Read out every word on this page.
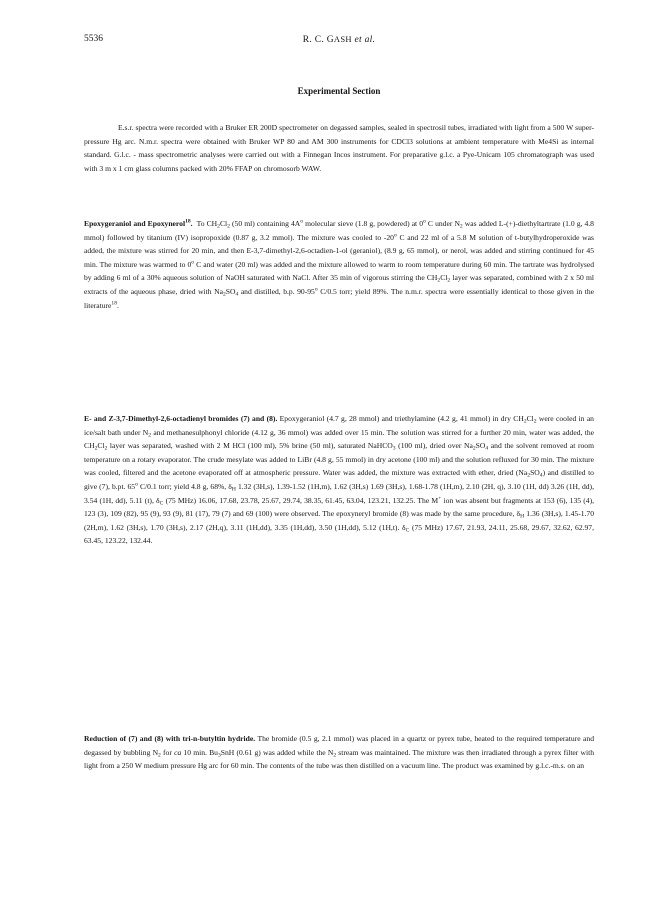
5536	R. C. GASH et al.
Experimental Section

E.s.r. spectra were recorded with a Bruker ER 200D spectrometer on degassed samples, sealed in spectrosil tubes, irradiated with light from a 500 W super-pressure Hg arc. N.m.r. spectra were obtained with Bruker WP 80 and AM 300 instruments for CDCl3 solutions at ambient temperature with Me4Si as internal standard. G.l.c. - mass spectrometric analyses were carried out with a Finnegan Incos instrument. For preparative g.l.c. a Pye-Unicam 105 chromatograph was used with 3 m x 1 cm glass columns packed with 20% FFAP on chromosorb WAW.

Epoxygeraniol and Epoxynerol$^{18}$. To $CH_2Cl_2$ (50 ml) containing $4A^o$ molecular sieve (1.8 g, powdered) at 0$^o$ C under $N_2$ was added L-(+)-diethyltartrate (1.0 g, 4.8 mmol) followed by titanium (IV) isopropoxide (0.87 g, 3.2 mmol). The mixture was cooled to -20$^o$ C and 22 ml of a 5.8 M solution of t-butylhydroperoxide was added, the mixture was stirred for 20 min, and then E-3,7-dimethyl-2,6-octadien-1-ol (geraniol), (8.9 g, 65 mmol), or nerol, was added and stirring continued for 45 min. The mixture was warmed to 0$^o$ C and water (20 ml) was added and the mixture allowed to warm to room temperature during 60 min. The tartrate was hydrolysed by adding 6 ml of a 30% aqueous solution of NaOH saturated with NaCl. After 35 min of vigorous stirring the $CH_2Cl_2$ layer was separated, combined with 2 x 50 ml extracts of the aqueous phase, dried with $Na_2SO_4$ and distilled, b.p. 90-95$^o$ C/0.5 torr; yield 89%. The n.m.r. spectra were essentially identical to those given in the literature$^{18}$.

E- and Z-3,7-Dimethyl-2,6-octadienyl bromides (7) and (8). Epoxygeraniol (4.7 g, 28 mmol) and triethylamine (4.2 g, 41 mmol) in dry $CH_2Cl_2$ were cooled in an ice/salt bath under $N_2$ and methanesulphonyl chloride (4.12 g, 36 mmol) was added over 15 min. The solution was stirred for a further 20 min, water was added, the $CH_2Cl_2$ layer was separated, washed with 2 M HCl (100 ml), 5% brine (50 ml), saturated NaHCO$_3$ (100 ml), dried over $Na_2SO_4$ and the solvent removed at room temperature on a rotary evaporator. The crude mesylate was added to LiBr (4.8 g, 55 mmol) in dry acetone (100 ml) and the solution refluxed for 30 min. The mixture was cooled, filtered and the acetone evaporated off at atmospheric pressure. Water was added, the mixture was extracted with ether, dried $(Na_2SO_4)$ and distilled to give (7), b.pt. 65$^o$ C/0.1 torr; yield 4.8 g, 68%, $\delta_H$ 1.32 (3H,s), 1.39-1.52 (1H,m), 1.62 (3H,s) 1.69 (3H,s), 1.68-1.78 (1H,m), 2.10 (2H, q), 3.10 (1H, dd) 3.26 (1H, dd), 3.54 (1H, dd), 5.11 (t), $\delta_C$ (75 MHz) 16.06, 17.68, 23.78, 25.67, 29.74, 38.35, 61.45, 63.04, 123.21, 132.25. The M+ ion was absent but fragments at 153 (6), 135 (4), 123 (3), 109 (82), 95 (9), 93 (9), 81 (17), 79 (7) and 69 (100) were observed. The epoxyneryl bromide (8) was made by the same procedure, $\delta_H$ 1.36 (3H,s), 1.45-1.70 (2H,m), 1.62 (3H,s), 1.70 (3H,s), 2.17 (2H,q), 3.11 (1H,dd), 3.35 (1H,dd), 3.50 (1H,dd), 5.12 (1H,t). $\delta_C$ (75 MHz) 17.67, 21.93, 24.11, 25.68, 29.67, 32.62, 62.97, 63.45, 123.22, 132.44.

Reduction of (7) and (8) with tri-n-butyltin hydride. The bromide (0.5 g, 2.1 mmol) was placed in a quartz or pyrex tube, heated to the required temperature and degassed by bubbling $N_2$ for ca 10 min. $Bu_3SnH$ (0.61 g) was added while the $N_2$ stream was maintained. The mixture was then irradiated through a pyrex filter with light from a 250 W medium pressure Hg arc for 60 min. The contents of the tube was then distilled on a vacuum line. The product was examined by g.l.c.-m.s. on an
